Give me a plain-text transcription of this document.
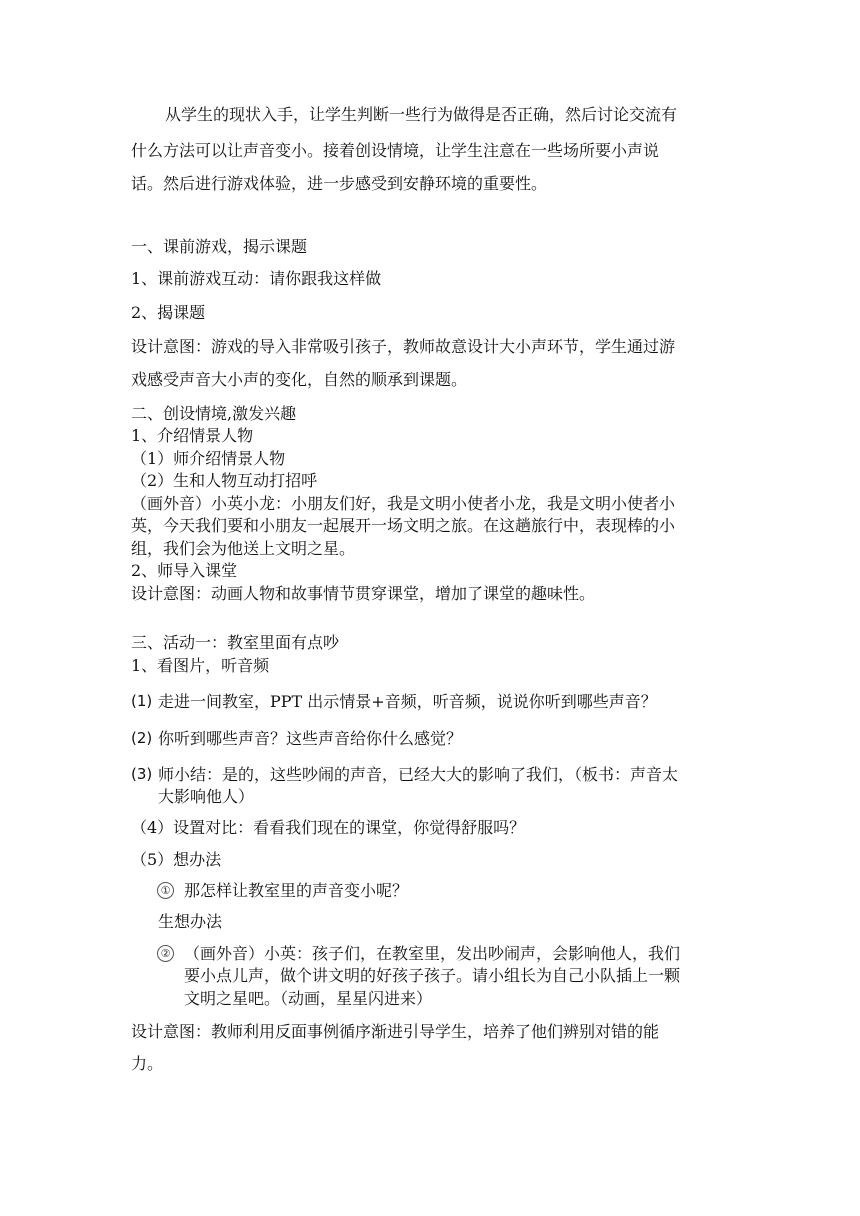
从学生的现状入手，让学生判断一些行为做得是否正确，然后讨论交流有
什么方法可以让声音变小。接着创设情境，让学生注意在一些场所要小声说
话。然后进行游戏体验，进一步感受到安静环境的重要性。
一、课前游戏，揭示课题
1、课前游戏互动：请你跟我这样做
2、揭课题
设计意图：游戏的导入非常吸引孩子，教师故意设计大小声环节，学生通过游
戏感受声音大小声的变化，自然的顺承到课题。
二、创设情境,激发兴趣
1、介绍情景人物
（1）师介绍情景人物
（2）生和人物互动打招呼
（画外音）小英小龙：小朋友们好，我是文明小使者小龙，我是文明小使者小
英，今天我们要和小朋友一起展开一场文明之旅。在这趟旅行中，表现棒的小
组，我们会为他送上文明之星。
2、师导入课堂
设计意图：动画人物和故事情节贯穿课堂，增加了课堂的趣味性。
三、活动一：教室里面有点吵
1、看图片，听音频
(1) 走进一间教室，PPT 出示情景+音频，听音频，说说你听到哪些声音？
(2) 你听到哪些声音？这些声音给你什么感觉？
(3) 师小结：是的，这些吵闹的声音，已经大大的影响了我们，（板书：声音太
大影响他人）
（4）设置对比：看看我们现在的课堂，你觉得舒服吗？
（5）想办法
① 那怎样让教室里的声音变小呢？
生想办法
② （画外音）小英：孩子们，在教室里，发出吵闹声，会影响他人，我们
要小点儿声，做个讲文明的好孩子孩子。请小组长为自己小队插上一颗
文明之星吧。（动画，星星闪进来）
设计意图：教师利用反面事例循序渐进引导学生，培养了他们辨别对错的能
力。
